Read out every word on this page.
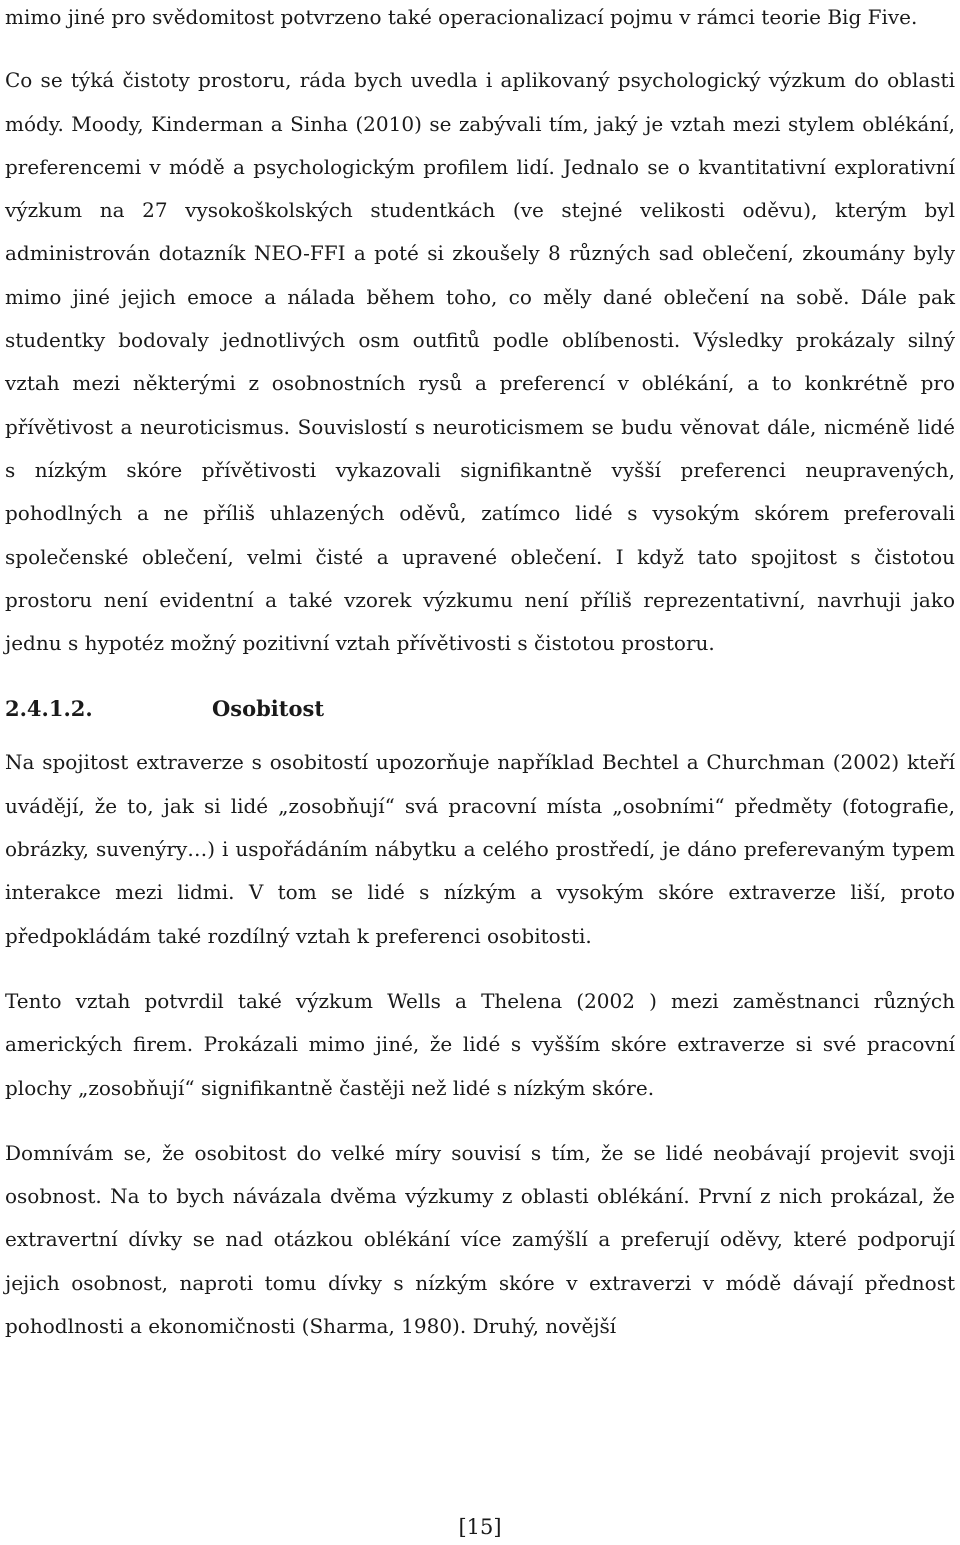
mimo jiné pro svědomitost potvrzeno také operacionalizací pojmu v rámci teorie Big Five.

Co se týká čistoty prostoru, ráda bych uvedla i aplikovaný psychologický výzkum do oblasti módy. Moody, Kinderman a Sinha (2010) se zabývali tím, jaký je vztah mezi stylem oblékání, preferencemi v módě a psychologickým profilem lidí. Jednalo se o kvantitativní explorativní výzkum na 27 vysokoškolských studentkách (ve stejné velikosti oděvu), kterým byl administrován dotazník NEO-FFI a poté si zkoušely 8 různých sad oblečení, zkoumány byly mimo jiné jejich emoce a nálada během toho, co měly dané oblečení na sobě. Dále pak studentky bodovaly jednotlivých osm outfitů podle oblíbenosti. Výsledky prokázaly silný vztah mezi některými z osobnostních rysů a preferencí v oblékání, a to konkrétně pro přívětivost a neuroticismus. Souvislostí s neuroticismem se budu věnovat dále, nicméně lidé s nízkým skóre přívětivosti vykazovali signifikantně vyšší preferenci neupravených, pohodlných a ne příliš uhlazených oděvů, zatímco lidé s vysokým skórem preferovali společenské oblečení, velmi čisté a upravené oblečení. I když tato spojitost s čistotou prostoru není evidentní a také vzorek výzkumu není příliš reprezentativní, navrhuji jako jednu s hypotéz možný pozitivní vztah přívětivosti s čistotou prostoru.

2.4.1.2.	Osobitost

Na spojitost extraverze s osobitostí upozorňuje například Bechtel a Churchman (2002) kteří uvádějí, že to, jak si lidé „zosobňují“ svá pracovní místa „osobními“ předměty (fotografie, obrázky, suvenýry…) i uspořádáním nábytku a celého prostředí, je dáno preferevaným typem interakce mezi lidmi. V tom se lidé s nízkým a vysokým skóre extraverze liší, proto předpokládám také rozdílný vztah k preferenci osobitosti.

Tento vztah potvrdil také výzkum Wells a Thelena (2002 ) mezi zaměstnanci různých amerických firem. Prokázali mimo jiné, že lidé s vyšším skóre extraverze si své pracovní plochy „zosobňují“ signifikantně častěji než lidé s nízkým skóre.

Domnívám se, že osobitost do velké míry souvisí s tím, že se lidé neobávají projevit svoji osobnost. Na to bych návázala dvěma výzkumy z oblasti oblékání. První z nich prokázal, že extravertní dívky se nad otázkou oblékání více zamýšlí a preferují oděvy, které podporují jejich osobnost, naproti tomu dívky s nízkým skóre v extraverzi v módě dávají přednost pohodlnosti a ekonomičnosti (Sharma, 1980). Druhý, novější

[15]
